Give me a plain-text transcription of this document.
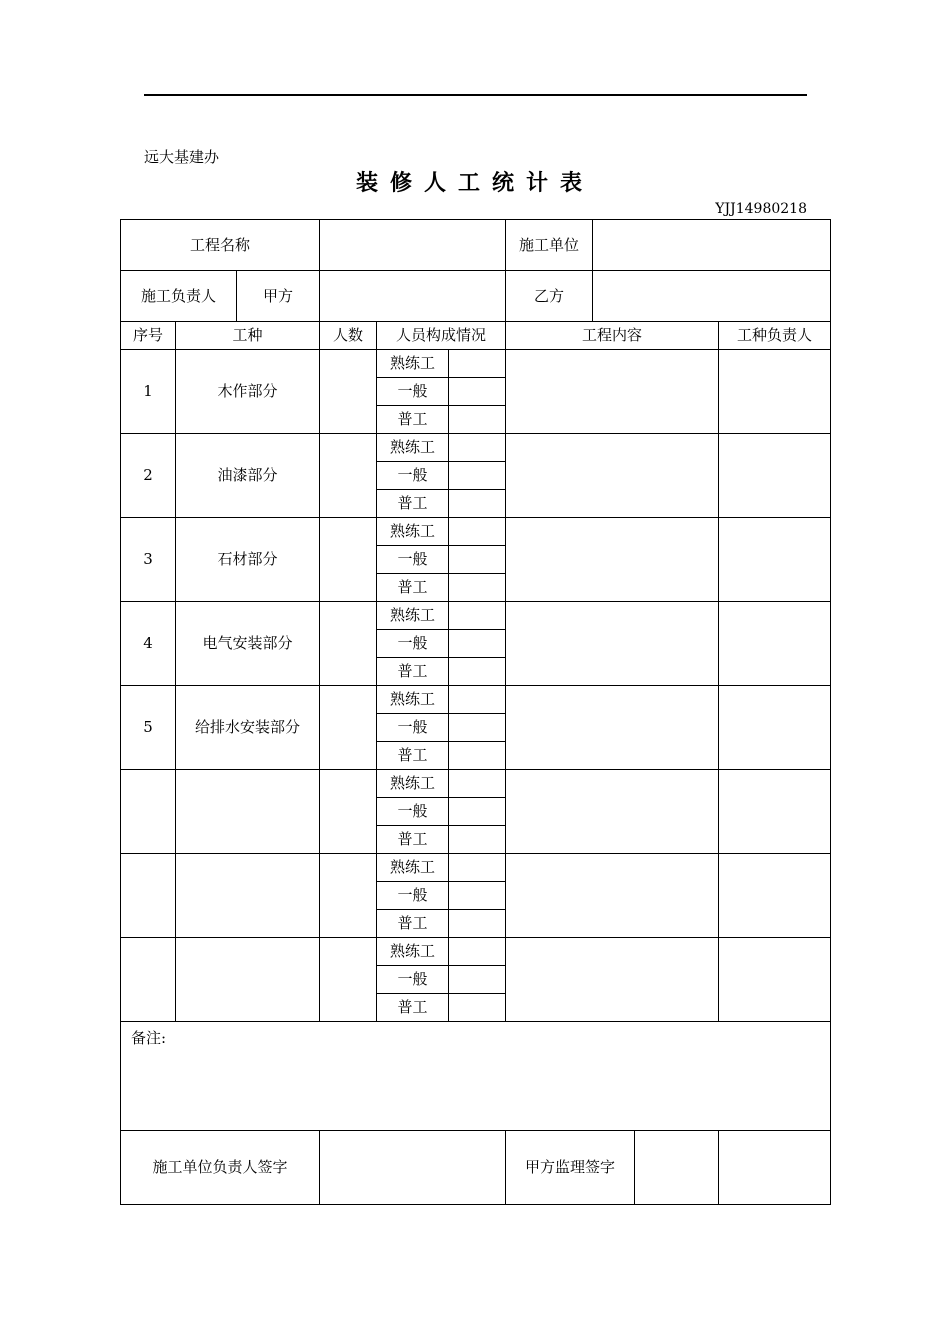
远大基建办
装修人工统计表
YJJ14980218
工程名称					施工单位		

施工负责人 甲方					乙方		
序号	工种	人数	人员构成情况		工程内容		工种负责人
1	木作部分		熟练工				
			一般				
			普工				
2	油漆部分		熟练工				
			一般				
			普工				
3	石材部分		熟练工				
			一般				
			普工				
4	电气安装部分		熟练工				
			一般				
			普工				
5	给排水安装部分		熟练工				
			一般				
			普工				
			熟练工				
			一般				
			普工				
			熟练工				
			一般				
			普工				
			熟练工				
			一般				
			普工				
备注:							
施工单位负责人签字					甲方监理签字		
